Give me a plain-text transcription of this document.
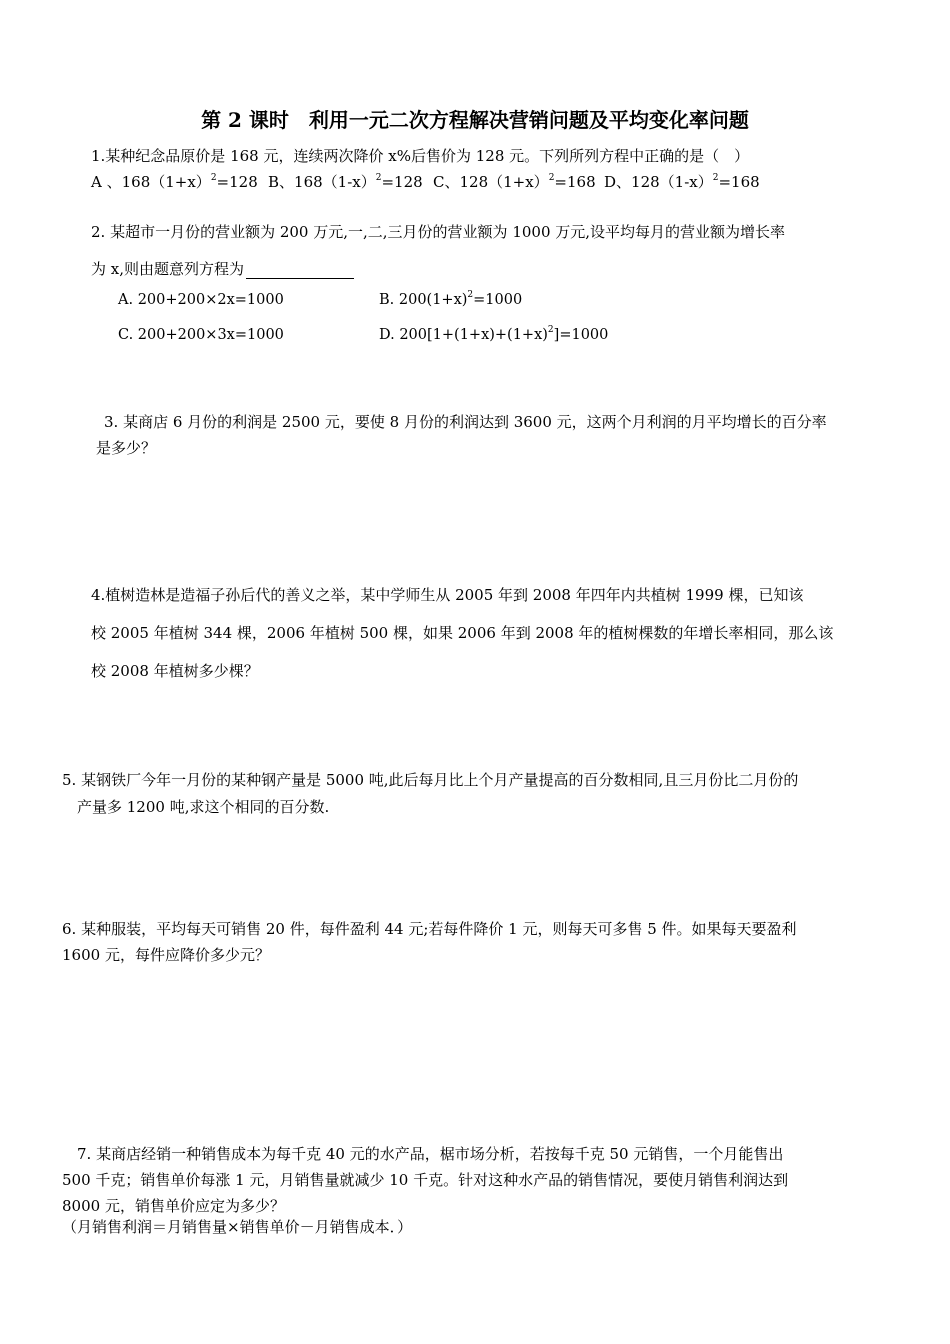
第 2 课时　利用一元二次方程解决营销问题及平均变化率问题
1.某种纪念品原价是 168 元，连续两次降价 x%后售价为 128 元。下列所列方程中正确的是（　）
A 、$168(1+x)^2=128$ B、$168(1-x)^2=128$ C、$128(1+x)^2=168$ D、$128(1-x)^2=168$
2. 某超市一月份的营业额为 200 万元,一,二,三月份的营业额为 1000 万元,设平均每月的营业额为增长率
为 x,则由题意列方程为
A. 200+200×2x=1000	B. $200(1+x)^2=1000$
C. 200+200×3x=1000	D. $200[1+(1+x)+(1+x)^2]=1000$
3. 某商店 6 月份的利润是 2500 元，要使 8 月份的利润达到 3600 元，这两个月利润的月平均增长的百分率
是多少？
4.植树造林是造福子孙后代的善义之举，某中学师生从 2005 年到 2008 年四年内共植树 1999 棵，已知该
校 2005 年植树 344 棵，2006 年植树 500 棵，如果 2006 年到 2008 年的植树棵数的年增长率相同，那么该
校 2008 年植树多少棵？
5. 某钢铁厂今年一月份的某种钢产量是 5000 吨,此后每月比上个月产量提高的百分数相同,且三月份比二月份的
产量多 1200 吨,求这个相同的百分数.
6. 某种服装，平均每天可销售 20 件，每件盈利 44 元;若每件降价 1 元，则每天可多售 5 件。如果每天要盈利
1600 元，每件应降价多少元？
7. 某商店经销一种销售成本为每千克 40 元的水产品，椐市场分析，若按每千克 50 元销售，一个月能售出
500 千克；销售单价每涨 1 元，月销售量就减少 10 千克。针对这种水产品的销售情况，要使月销售利润达到
8000 元，销售单价应定为多少？
（月销售利润＝月销售量×销售单价－月销售成本．）
